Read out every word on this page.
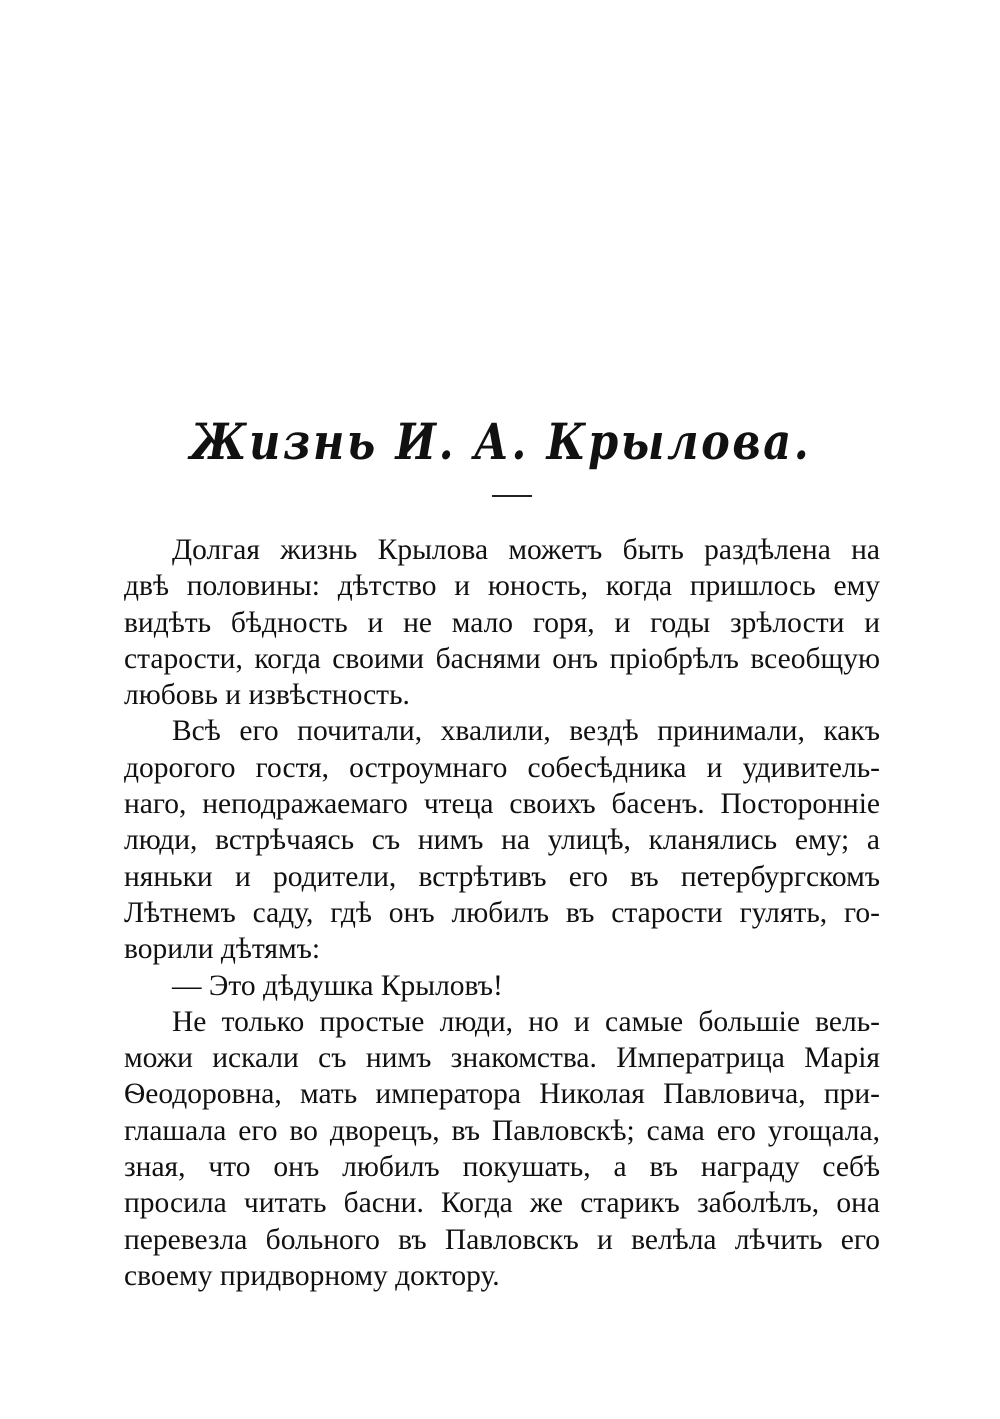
Жизнь И. А. Крылова.
Долгая жизнь Крылова можетъ быть раздѣлена на
двѣ половины: дѣтство и юность, когда пришлось ему
видѣть бѣдность и не мало горя, и годы зрѣлости и
старости, когда своими баснями онъ пріобрѣлъ всеобщую
любовь и извѣстность.
Всѣ его почитали, хвалили, вездѣ принимали, какъ
дорогого гостя, остроумнаго собесѣдника и удивитель-
наго, неподражаемаго чтеца своихъ басенъ. Посторонніе
люди, встрѣчаясь съ нимъ на улицѣ, кланялись ему; а
няньки и родители, встрѣтивъ его въ петербургскомъ
Лѣтнемъ саду, гдѣ онъ любилъ въ старости гулять, го-
ворили дѣтямъ:
— Это дѣдушка Крыловъ!
Не только простые люди, но и самые большіе вель-
можи искали съ нимъ знакомства. Императрица Марія
Ѳеодоровна, мать императора Николая Павловича, при-
глашала его во дворецъ, въ Павловскѣ; сама его угощала,
зная, что онъ любилъ покушать, а въ награду себѣ
просила читать басни. Когда же старикъ заболѣлъ, она
перевезла больного въ Павловскъ и велѣла лѣчить его
своему придворному доктору.
